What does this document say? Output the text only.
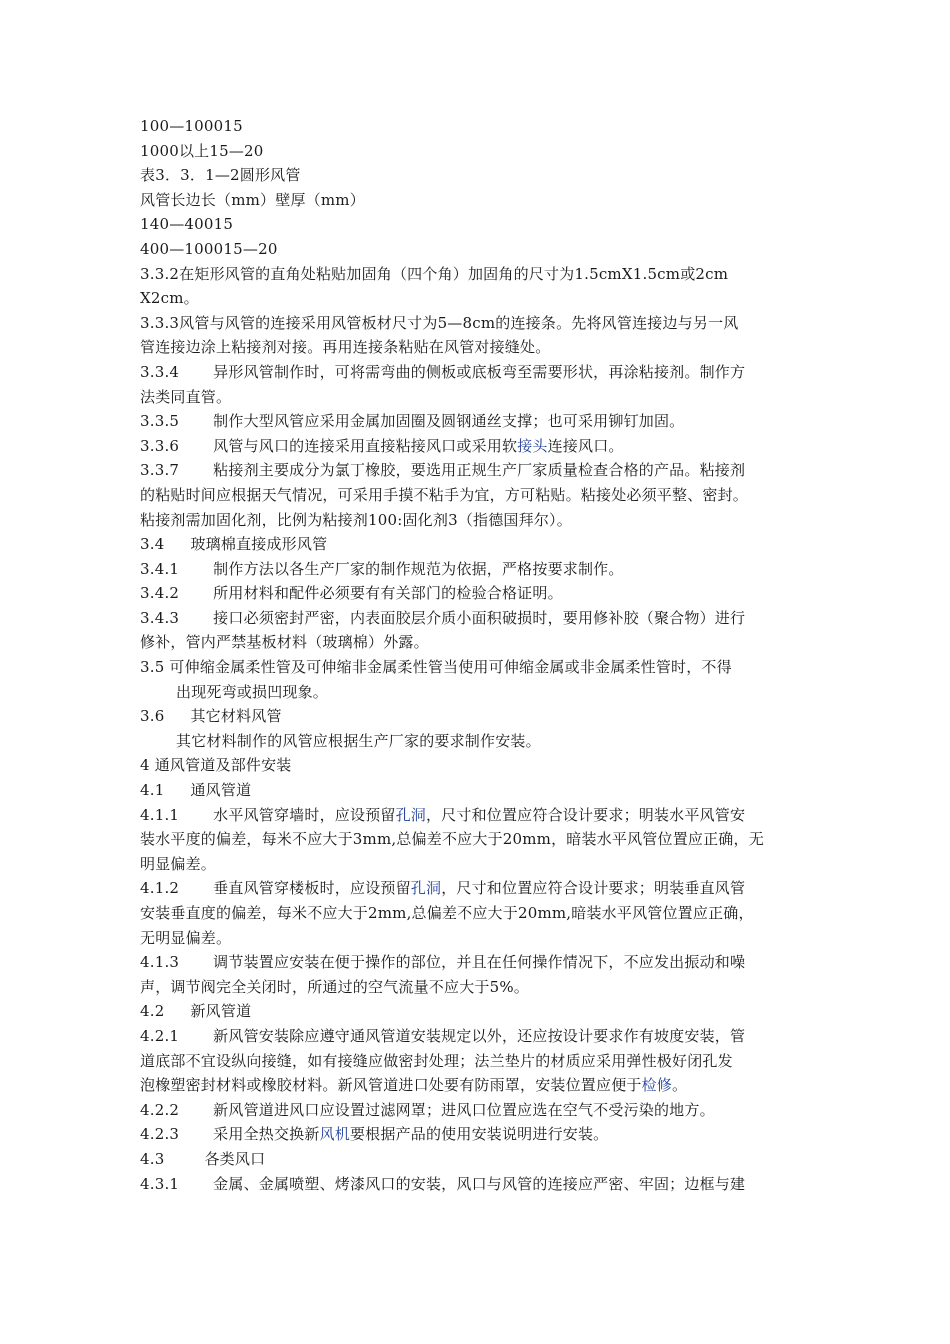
100—100015
1000以上15—20
表3．3．1—2圆形风管
风管长边长（mm）壁厚（mm）
140—40015
400—100015—20
3.3.2在矩形风管的直角处粘贴加固角（四个角）加固角的尺寸为1.5cmX1.5cm或2cm
X2cm。
3.3.3风管与风管的连接采用风管板材尺寸为5—8cm的连接条。先将风管连接边与另一风
管连接边涂上粘接剂对接。再用连接条粘贴在风管对接缝处。
3.3.4 异形风管制作时，可将需弯曲的侧板或底板弯至需要形状，再涂粘接剂。制作方
法类同直管。
3.3.5 制作大型风管应采用金属加固圈及圆钢通丝支撑；也可采用铆钉加固。
3.3.6 风管与风口的连接采用直接粘接风口或采用软接头连接风口。
3.3.7 粘接剂主要成分为氯丁橡胶，要选用正规生产厂家质量检查合格的产品。粘接剂
的粘贴时间应根据天气情况，可采用手摸不粘手为宜，方可粘贴。粘接处必须平整、密封。
粘接剂需加固化剂，比例为粘接剂100:固化剂3（指德国拜尔）。
3.4 玻璃棉直接成形风管
3.4.1 制作方法以各生产厂家的制作规范为依据，严格按要求制作。
3.4.2 所用材料和配件必须要有有关部门的检验合格证明。
3.4.3 接口必须密封严密，内表面胶层介质小面积破损时，要用修补胶（聚合物）进行
修补，管内严禁基板材料（玻璃棉）外露。
3.5 可伸缩金属柔性管及可伸缩非金属柔性管当使用可伸缩金属或非金属柔性管时，不得
出现死弯或损凹现象。
3.6 其它材料风管
其它材料制作的风管应根据生产厂家的要求制作安装。
4 通风管道及部件安装
4.1 通风管道
4.1.1 水平风管穿墙时，应设预留孔洞，尺寸和位置应符合设计要求；明装水平风管安
装水平度的偏差，每米不应大于3mm,总偏差不应大于20mm，暗装水平风管位置应正确，无
明显偏差。
4.1.2 垂直风管穿楼板时，应设预留孔洞，尺寸和位置应符合设计要求；明装垂直风管
安装垂直度的偏差，每米不应大于2mm,总偏差不应大于20mm,暗装水平风管位置应正确，
无明显偏差。
4.1.3 调节装置应安装在便于操作的部位，并且在任何操作情况下，不应发出振动和噪
声，调节阀完全关闭时，所通过的空气流量不应大于5%。
4.2 新风管道
4.2.1 新风管安装除应遵守通风管道安装规定以外，还应按设计要求作有坡度安装，管
道底部不宜设纵向接缝，如有接缝应做密封处理；法兰垫片的材质应采用弹性极好闭孔发
泡橡塑密封材料或橡胶材料。新风管道进口处要有防雨罩，安装位置应便于检修。
4.2.2 新风管道进风口应设置过滤网罩；进风口位置应选在空气不受污染的地方。
4.2.3 采用全热交换新风机要根据产品的使用安装说明进行安装。
4.3	各类风口
4.3.1 金属、金属喷塑、烤漆风口的安装，风口与风管的连接应严密、牢固；边框与建
